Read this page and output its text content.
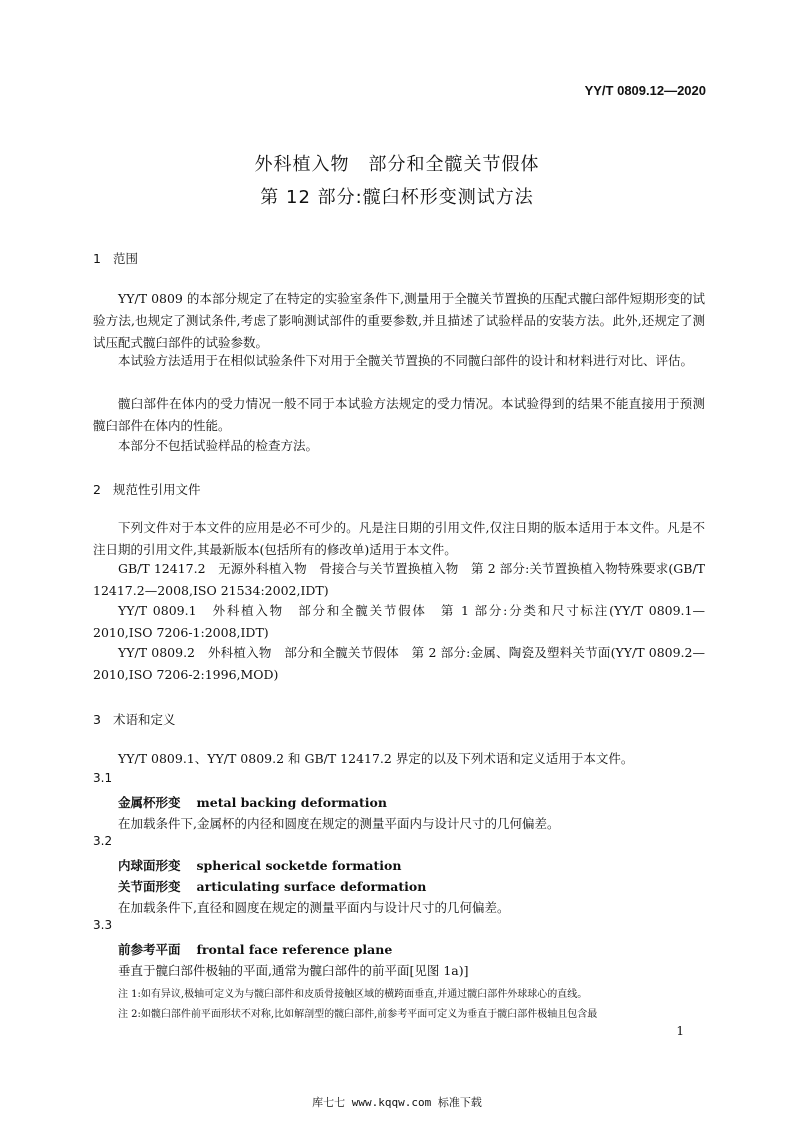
YY/T 0809.12—2020
外科植入物　部分和全髋关节假体
第 12 部分:髋臼杯形变测试方法
1 范围
YY/T 0809 的本部分规定了在特定的实验室条件下,测量用于全髋关节置换的压配式髋臼部件短期形变的试验方法,也规定了测试条件,考虑了影响测试部件的重要参数,并且描述了试验样品的安装方法。此外,还规定了测试压配式髋臼部件的试验参数。
本试验方法适用于在相似试验条件下对用于全髋关节置换的不同髋臼部件的设计和材料进行对比、评估。
髋臼部件在体内的受力情况一般不同于本试验方法规定的受力情况。本试验得到的结果不能直接用于预测髋臼部件在体内的性能。
本部分不包括试验样品的检查方法。
2 规范性引用文件
下列文件对于本文件的应用是必不可少的。凡是注日期的引用文件,仅注日期的版本适用于本文件。凡是不注日期的引用文件,其最新版本(包括所有的修改单)适用于本文件。
GB/T 12417.2　无源外科植入物　骨接合与关节置换植入物　第 2 部分:关节置换植入物特殊要求(GB/T 12417.2—2008,ISO 21534:2002,IDT)
YY/T 0809.1　外科植入物　部分和全髋关节假体　第 1 部分:分类和尺寸标注(YY/T 0809.1—2010,ISO 7206-1:2008,IDT)
YY/T 0809.2　外科植入物　部分和全髋关节假体　第 2 部分:金属、陶瓷及塑料关节面(YY/T 0809.2—2010,ISO 7206-2:1996,MOD)
3 术语和定义
YY/T 0809.1、YY/T 0809.2 和 GB/T 12417.2 界定的以及下列术语和定义适用于本文件。
3.1
金属杯形变 metal backing deformation
在加载条件下,金属杯的内径和圆度在规定的测量平面内与设计尺寸的几何偏差。
3.2
内球面形变 spherical socketde formation
关节面形变 articulating surface deformation
在加载条件下,直径和圆度在规定的测量平面内与设计尺寸的几何偏差。
3.3
前参考平面 frontal face reference plane
垂直于髋臼部件极轴的平面,通常为髋臼部件的前平面[见图 1a)]
注 1:如有异议,极轴可定义为与髋臼部件和皮质骨接触区域的横跨面垂直,并通过髋臼部件外球球心的直线。
注 2:如髋臼部件前平面形状不对称,比如解剖型的髋臼部件,前参考平面可定义为垂直于髋臼部件极轴且包含最
1
库七七 www.kqqw.com 标准下载
